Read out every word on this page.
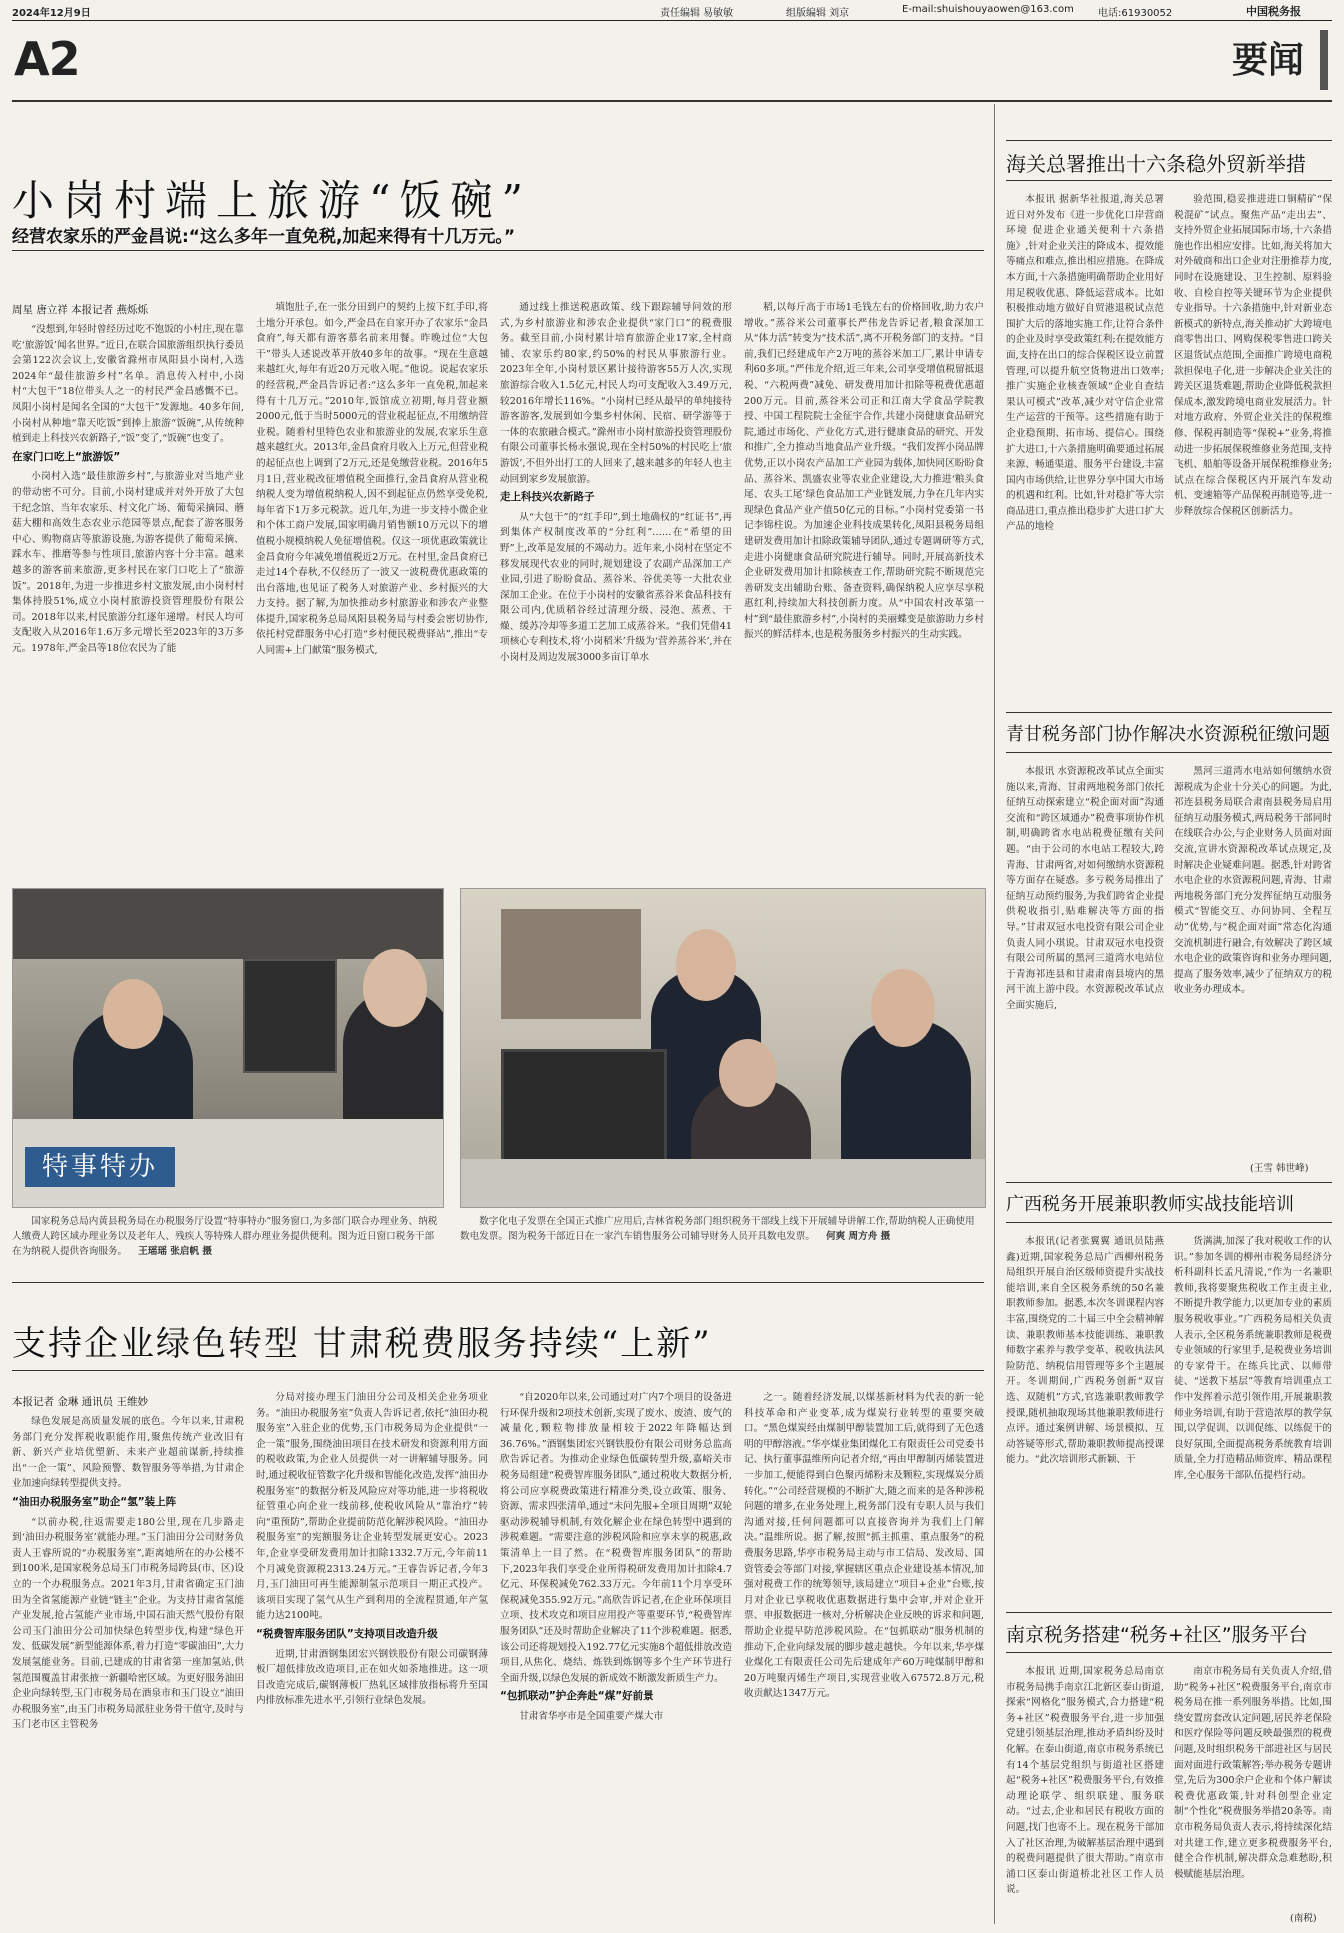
2024年12月9日	责任编辑 易敏敏	组版编辑 刘京	E-mail:shuishouyaowen@163.com 电话:61930052	中国税务报
A2	要闻
小岗村端上旅游“饭碗”
经营农家乐的严金昌说:“这么多年一直免税,加起来得有十几万元。”
周星 唐立祥 本报记者 燕烁烁

“没想到,年轻时曾经历过吃不饱饭的小村庄,现在靠吃‘旅游饭’闻名世界。”近日,在联合国旅游组织执行委员会第122次会议上,安徽省滁州市凤阳县小岗村,入选2024年“最佳旅游乡村”名单。消息传入村中,小岗村“大包干”18位带头人之一的村民严金昌感慨不已。凤阳小岗村是闻名全国的“大包干”发源地。40多年间,小岗村从种地“靠天吃饭”到捧上旅游“饭碗”,从传统种植到走上科技兴农新路子,“饭”变了,“饭碗”也变了。

在家门口吃上“旅游饭”

小岗村入选“最佳旅游乡村”,与旅游业对当地产业的带动密不可分。目前,小岗村建成并对外开放了大包干纪念馆、当年农家乐、村文化广场、葡萄采摘园、蘑菇大棚和高效生态农业示范园等景点,配套了游客服务中心、购物商店等旅游设施,为游客提供了葡萄采摘、踩水车、推磨等参与性项目,旅游内容十分丰富。越来越多的游客前来旅游,更多村民在家门口吃上了“旅游饭”。2018年,为进一步推进乡村文旅发展,由小岗村村集体持股51%,成立小岗村旅游投资管理股份有限公司。2018年以来,村民旅游分红逐年递增。村民人均可支配收入从2016年1.6万多元增长至2023年的3万多元。1978年,严金昌等18位农民为了能

填饱肚子,在一张分田到户的契约上按下红手印,将土地分开承包。如今,严金昌在自家开办了农家乐“金昌食府”,每天都有游客慕名前来用餐。昨晚过位“大包干”带头人述说改革开放40多年的故事。“现在生意越来越红火,每年有近20万元收入呢。”他说。说起农家乐的经营税,严金昌告诉记者:“这么多年一直免税,加起来得有十几万元。”2010年,饭馆成立初期,每月营业额2000元,低于当时5000元的营业税起征点,不用缴纳营业税。随着村里特色农业和旅游业的发展,农家乐生意越来越红火。2013年,金昌食府月收入上万元,但营业税的起征点也上调到了2万元,还是免缴营业税。2016年5月1日,营业税改征增值税全面推行,金昌食府从营业税纳税人变为增值税纳税人,因不到起征点仍然享受免税,每年省下1万多元税款。近几年,为进一步支持小微企业和个体工商户发展,国家明确月销售额10万元以下的增值税小规模纳税人免征增值税。仅这一项优惠政策就让金昌食府今年减免增值税近2万元。在村里,金昌食府已走过14个春秋,不仅经历了一波又一波税费优惠政策的出台落地,也见证了税务人对旅游产业、乡村振兴的大力支持。据了解,为加快推动乡村旅游业和涉农产业整体提升,国家税务总局凤阳县税务局与村委会密切协作,依托村党群服务中心打造“乡村便民税费驿站”,推出“专人同需+上门献策”服务模式,

通过线上推送税惠政策、线下跟踪辅导问效的形式,为乡村旅游业和涉农企业提供“家门口”的税费服务。截至目前,小岗村累计培育旅游企业17家,全村商铺、农家乐约80家,约50%的村民从事旅游行业。2023年全年,小岗村景区累计接待游客55万人次,实现旅游综合收入1.5亿元,村民人均可支配收入3.49万元,较2016年增长116%。“小岗村已经从最早的单纯接待游客游客,发展到如今集乡村休闲、民宿、研学游等于一体的农旅融合模式。”滁州市小岗村旅游投资管理股份有限公司董事长杨永强说,现在全村50%的村民吃上‘旅游饭’,不但外出打工的人回来了,越来越多的年轻人也主动回到家乡发展旅游。

走上科技兴农新路子

从“大包干”的“红手印”,到土地确权的“红证书”,再到集体产权制度改革的“分红利”……在“希望的田野”上,改革是发展的不竭动力。近年来,小岗村在坚定不移发展现代农业的同时,规划建设了农副产品深加工产业园,引进了盼盼食品、蒸谷米、谷优美等一大批农业深加工企业。在位于小岗村的安徽省蒸谷米食品科技有限公司内,优质稻谷经过清理分级、浸泡、蒸煮、干燥、缓苏冷却等多道工艺加工成蒸谷米。“我们凭借41项核心专利技术,将‘小岗稻米’升级为‘营养蒸谷米’,并在小岗村及周边发展3000多亩订单水

稻,以每斤高于市场1毛钱左右的价格回收,助力农户增收。”蒸谷米公司董事长严伟龙告诉记者,粮食深加工从“体力活”转变为“技术活”,离不开税务部门的支持。“目前,我们已经建成年产2万吨的蒸谷米加工厂,累计申请专利60多项。”严伟龙介绍,近三年来,公司享受增值税留抵退税、“六税两费”减免、研发费用加计扣除等税费优惠超200万元。目前,蒸谷米公司正和江南大学食品学院教授、中国工程院院士金征宇合作,共建小岗健康食品研究院,通过市场化、产业化方式,进行健康食品的研究、开发和推广,全力推动当地食品产业升级。“我们发挥小岗品牌优势,正以小岗农产品加工产业园为载体,加快同区盼盼食品、蒸谷米、凯盛农业等农业企业建设,大力推进‘粮头食尾、农头工尾’绿色食品加工产业链发展,力争在几年内实现绿色食品产业产值50亿元的目标。”小岗村党委第一书记李锦柱说。为加速企业科技成果转化,凤阳县税务局组建研发费用加计扣除政策辅导团队,通过专题调研等方式,走进小岗健康食品研究院进行辅导。同时,开展高新技术企业研发费用加计扣除核查工作,帮助研究院不断规范完善研发支出辅助台账、备查资料,确保纳税人应享尽享税惠红利,持续加大科技创新力度。从“中国农村改革第一村”到“最佳旅游乡村”,小岗村的美丽蝶变是旅游助力乡村振兴的鲜活样本,也是税务服务乡村振兴的生动实践。

特事特办
国家税务总局内黄县税务局在办税服务厅设置“特事特办”服务窗口,为多部门联合办理业务、纳税人缴费人跨区域办理业务以及老年人、残疾人等特殊人群办理业务提供便利。图为近日窗口税务干部在为纳税人提供咨询服务。 王瑶瑶 张启帆 摄
数字化电子发票在全国正式推广应用后,吉林省税务部门组织税务干部线上线下开展辅导讲解工作,帮助纳税人正确使用数电发票。图为税务干部近日在一家汽车销售服务公司辅导财务人员开具数电发票。 何爽 周方舟 摄
支持企业绿色转型 甘肃税费服务持续“上新”
本报记者 金琳 通讯员 王维妙

绿色发展是高质量发展的底色。今年以来,甘肃税务部门充分发挥税收职能作用,聚焦传统产业改旧有新、新兴产业培优塑新、未来产业超前谋新,持续推出“一企一策”、风险预警、数智服务等举措,为甘肃企业加速向绿转型提供支持。

“油田办税服务室”助企“氢”装上阵

“以前办税,往返需要走180公里,现在几步路走到‘油田办税服务室’就能办理。”玉门油田分公司财务负责人王睿所说的“办税服务室”,距离她所在的办公楼不到100米,是国家税务总局玉门市税务局跨县(市、区)设立的一个办税服务点。2021年3月,甘肃省确定玉门油田为全省氢能源产业链“链主”企业。为支持甘肃省氢能产业发展,抢占氢能产业市场,中国石油天然气股份有限公司玉门油田分公司加快绿色转型步伐,构建“绿色开发、低碳发展”新型能源体系,着力打造“零碳油田”,大力发展氢能业务。目前,已建成的甘肃省第一座加氢站,供氢范围覆盖甘肃张掖一新疆哈密区域。为更好服务油田企业向绿转型,玉门市税务局在酒泉市和玉门设立“油田办税服务室”,由玉门市税务局派驻业务骨干值守,及时与玉门老市区主管税务

分局对接办理玉门油田分公司及相关企业务项业务。“油田办税服务室”负责人告诉记者,依托“油田办税服务室”入驻企业的优势,玉门市税务局为企业提供“一企一策”服务,围绕油田项目在技术研发和资源利用方面的税收政策,为企业人员提供一对一讲解辅导服务。同时,通过税收征管数字化升级和智能化改造,发挥“油田办税服务室”的数据分析及风险应对等功能,进一步将税收征管重心向企业一线前移,使税收风险从“靠治疗”转向“重预防”,帮助企业提前防范化解涉税风险。“油田办税服务室”的宪额服务让企业转型发展更安心。2023年,企业享受研发费用加计扣除1332.7万元,今年前11个月减免资源税2313.24万元。”王睿告诉记者,今年3月,玉门油田可再生能源制氢示范项目一期正式投产。该项目实现了氢气从生产到利用的全流程贯通,年产氢能力达2100吨。

“税费智库服务团队”支持项目改造升级

近期,甘肃酒钢集团宏兴钢铁股份有限公司碳钢薄板厂超低排放改造项目,正在如火如荼地推进。这一项目改造完成后,碳钢薄板厂热轧区域排放指标将升至国内排放标准先进水平,引领行业绿色发展。

“自2020年以来,公司通过对广内7个项目的设备进行环保升级和2项技术创新,实现了废水、废渣、废气的减量化,颗粒物排放量相较于2022年降幅达到36.76%。”酒钢集团宏兴钢铁股份有限公司财务总监高欣告诉记者。为推动企业绿色低碳转型升级,嘉峪关市税务局组建“税费智库服务团队”,通过税收大数据分析,将公司应享税费政策进行精准分类,设立政策、服务、资源、需求四张清单,通过“未问先服+全项目周期”双轮驱动涉税辅导机制,有效化解企业在绿色转型中遇到的涉税难题。“需要注意的涉税风险和应享未享的税惠,政策清单上一目了然。在“税费智库服务团队”的帮助下,2023年我们享受企业所得税研发费用加计扣除4.7亿元、环保税减免762.33万元。今年前11个月享受环保税减免355.92万元。”高欣告诉记者,在企业环保项目立项、技术攻克和项目应用投产等重要环节,“税费智库服务团队”还及时帮助企业解决了11个涉税难题。据悉,该公司还将规划投入192.77亿元实施8个超低排放改造项目,从焦化、烧结、炼铁到炼钢等多个生产环节进行全面升级,以绿色发展的新成效不断激发新质生产力。

“包抓联动”护企奔赴“煤”好前景

甘肃省华亭市是全国重要产煤大市

之一。随着经济发展,以煤基新材料为代表的新一轮科技革命和产业变革,成为煤炭行业转型的重要突破口。“黑色煤炭经由煤制甲醇装置加工后,就得到了无色透明的甲醇溶液。”华亭煤业集团煤化工有限责任公司党委书记、执行董事温维所向记者介绍,“再由甲醇制丙烯装置进一步加工,便能得到白色聚丙烯粉末及颗粒,实现煤炭分质转化。”“公司经营规模的不断扩大,随之而来的是各种涉税问题的增多,在业务处理上,税务部门没有专职人员与我们沟通对接,任何问题都可以直接咨询并为我们上门解决。”温维所说。据了解,按照“抓主抓重、重点服务”的税费服务思路,华亭市税务局主动与市工信局、发改局、国资管委会等部门对接,掌握辖区重点企业建设基本情况,加强对税费工作的统筹领导,该局建立“项目+企业”台账,按月对企业已享税收优惠数据进行集中会审,并对企业开票、申报数据进一核对,分析解决企业反映的诉求和问题,帮助企业提早防范涉税风险。在“包抓联动”服务机制的推动下,企业向绿发展的脚步越走越快。今年以来,华亭煤业煤化工有限责任公司先后建成年产60万吨煤制甲醇和20万吨聚丙烯生产项目,实现营业收入67572.8万元,税收贡献达1347万元。

海关总署推出十六条稳外贸新举措

本报讯 据新华社报道,海关总署近日对外发布《进一步优化口岸营商环境 促进企业通关便利十六条措施》,针对企业关注的降成本、提效能等痛点和难点,推出相应措施。在降成本方面,十六条措施明确帮助企业用好用足税收优惠、降低运营成本。比如积极推动地方做好自贸港退税试点范围扩大后的落地实施工作,让符合条件的企业及时享受政策红利;在提效能方面,支持在出口的综合保税区设立前置管理,可以提升航空货物进出口效率;推广实施企业核查领域“企业自查结果认可模式”改革,减少对守信企业常生产运营的干预等。这些措施有助于企业稳预期、拓市场、提信心。围绕扩大进口,十六条措施明确要通过拓展来源、畅通渠道、服务平台建设,丰富国内市场供给,让世界分享中国大市场的机遇和红利。比如,针对稳扩等大宗商品进口,重点推出稳步扩大进口扩大产品的地检

验范围,稳妥推进进口铜精矿“保税混矿”试点。聚焦产品“走出去”、支持外贸企业拓展国际市场,十六条措施也作出相应安排。比如,海关将加大对外破商和出口企业对注册推荐力度,同时在设施建设、卫生控制、原料验收、自检自控等关键环节为企业提供专业指导。十六条措施中,针对新业态新模式的新特点,海关推动扩大跨境电商零售出口、网购保税零售进口跨关区退货试点范围,全面推广跨境电商税款担保电子化,进一步解决企业关注的跨关区退货难题,帮助企业降低税款担保成本,激发跨境电商业发展活力。针对地方政府、外贸企业关注的保税维修、保税再制造等“保税+”业务,将推动进一步拓展保税维修业务范围,支持飞机、船舶等设备开展保税维修业务;试点在综合保税区内开展汽车发动机、变速箱等产品保税再制造等,进一步释放综合保税区创新活力。

青甘税务部门协作解决水资源税征缴问题

本报讯 水资源税改革试点全面实施以来,青海、甘肃两地税务部门依托征纳互动探索建立“税企面对面”沟通交流和“跨区域通办”税费事项协作机制,明确跨省水电站税费征缴有关问题。“由于公司的水电站工程较大,跨青海、甘肃两省,对如何缴纳水资源税等方面存在疑惑。多亏税务局推出了征纳互动预约服务,为我们跨省企业提供税收指引,贴难解决等方面的指导。”甘肃双冠水电投资有限公司企业负责人同小琪说。甘肃双冠水电投资有限公司所属的黑河三道湾水电站位于青海祁连县和甘肃肃南县境内的黑河干流上游中段。水资源税改革试点全面实施后,

黑河三道湾水电站如何缴纳水资源税成为企业十分关心的问题。为此,祁连县税务局联合肃南县税务局启用征纳互动服务模式,两局税务干部同时在线联合办公,与企业财务人员面对面交流,宣讲水资源税改革试点规定,及时解决企业疑难问题。据悉,针对跨省水电企业的水资源税问题,青海、甘肃两地税务部门充分发挥征纳互动服务模式“智能交互、办问协同、全程互动”优势,与“税企面对面”常态化沟通交流机制进行融合,有效解决了跨区域水电企业的政策咨询和业务办理问题,提高了服务效率,减少了征纳双方的税收业务办理成本。

(王雪 韩世峰)
广西税务开展兼职教师实战技能培训

本报讯(记者张翼翼 通讯员陆燕鑫)近期,国家税务总局广西柳州税务局组织开展自治区级师资提升实战技能培训,来自全区税务系统的50名兼职教师参加。据悉,本次冬训课程内容丰富,围绕党的二十届三中全会精神解读、兼职教师基本技能训练、兼职教师数字素养与教学变革、税收执法风险防范、纳税信用管理等多个主题展开。冬训期间,广西税务创新“双盲选、双随机”方式,官选兼职教师教学授课,随机抽取现场其他兼职教师进行点评。通过案例讲解、场景模拟、互动答疑等形式,帮助兼职教师提高授课能力。“此次培训形式新颖、干

货满满,加深了我对税收工作的认识。”参加冬训的柳州市税务局经济分析科副科长孟凡清说,“作为一名兼职教师,我将要聚焦税收工作主责主业,不断提升教学能力,以更加专业的素质服务税收事业。”广西税务局相关负责人表示,全区税务系统兼职教师是税费专业领域的行家里手,是税费业务培训的专家骨干。在练兵比武、以师带徒、“送教下基层”等教育培训重点工作中发挥着示范引领作用,开展兼职教师业务培训,有助于营造浓厚的教学氛围,以学促训、以训促练、以练促干的良好氛围,全面提高税务系统教育培训质量,全力打造精品师资库、精品课程库,全心服务干部队伍提档行动。

南京税务搭建“税务+社区”服务平台

本报讯 近期,国家税务总局南京市税务局携手南京江北新区泰山街道,探索“网格化”服务模式,合力搭建“税务+社区”税费服务平台,进一步加强党建引领基层治理,推动矛盾纠纷及时化解。在泰山街道,南京市税务系统已有14个基层党组织与街道社区搭建起“税务+社区”税费服务平台,有效推动理论联学、组织联建、服务联动。“过去,企业和居民有税收方面的问题,找门也寄不上。现在税务干部加入了社区治理,为破解基层治理中遇到的税费问题提供了很大帮助。”南京市浦口区泰山街道桥北社区工作人员说。

南京市税务局有关负责人介绍,借助“税务+社区”税费服务平台,南京市税务局在推一系列服务举措。比如,围绕安置房套改认定问题,居民养老保险和医疗保险等问题反映最强烈的税费问题,及时组织税务干部进社区与居民面对面进行政策解答;举办税务专题讲堂,先后为300余户企业和个体户解读税费优惠政策,针对科创型企业定制“个性化”税费服务举措20条等。南京市税务局负责人表示,将持续深化结对共建工作,建立更多税费服务平台,健全合作机制,解决群众急难愁盼,积极赋能基层治理。

(南税)
